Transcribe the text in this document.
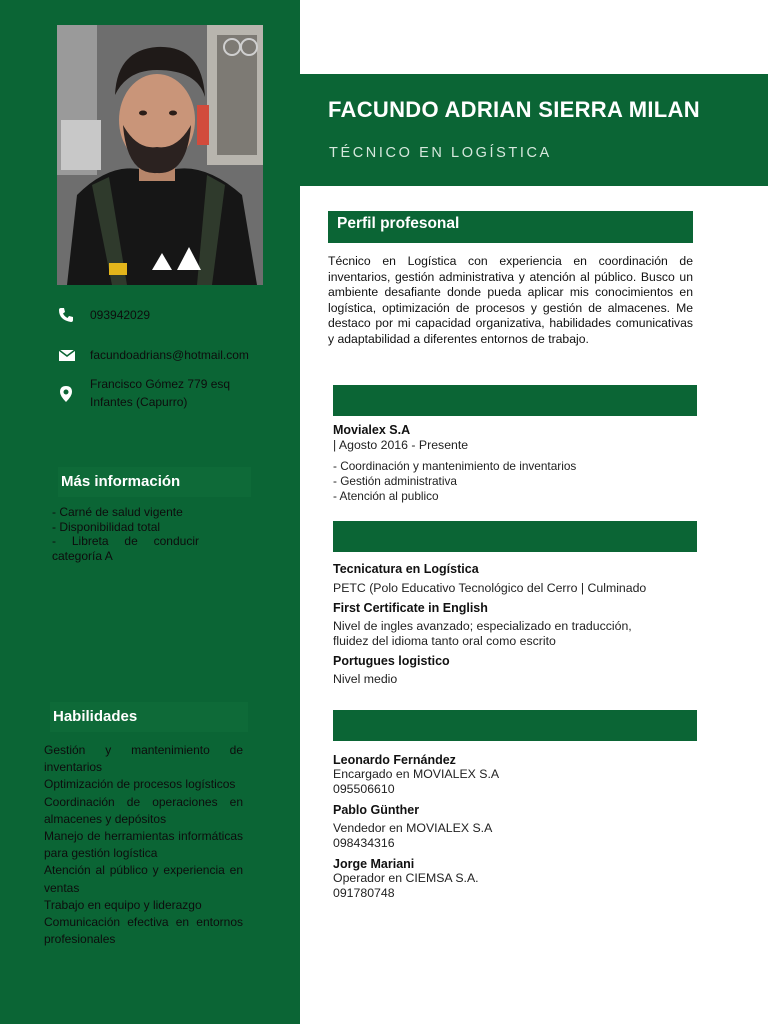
093942029
facundoadrians@hotmail.com
Francisco Gómez 779 esq
Infantes (Capurro)
Más información
- Carné de salud vigente
- Disponibilidad total
- Libreta de conducir categoría A
Habilidades
Gestión y mantenimiento de inventarios
Optimización de procesos logísticos
Coordinación de operaciones en almacenes y depósitos
Manejo de herramientas informáticas para gestión logística
Atención al público y experiencia en ventas
Trabajo en equipo y liderazgo
Comunicación efectiva en entornos profesionales
FACUNDO ADRIAN SIERRA MILAN
TÉCNICO EN LOGÍSTICA
Perfil profesonal
Técnico en Logística con experiencia en coordinación de inventarios, gestión administrativa y atención al público. Busco un ambiente desafiante donde pueda aplicar mis conocimientos en logística, optimización de procesos y gestión de almacenes. Me destaco por mi capacidad organizativa, habilidades comunicativas y adaptabilidad a diferentes entornos de trabajo.
Movialex S.A
| Agosto 2016 - Presente
- Coordinación y mantenimiento de inventarios
- Gestión administrativa
- Atención al publico
Tecnicatura en Logística
PETC (Polo Educativo Tecnológico del Cerro | Culminado
First Certificate in English
Nivel de ingles avanzado; especializado en traducción, fluidez del idioma tanto oral como escrito
Portugues logistico
Nivel medio
Leonardo Fernández
Encargado en MOVIALEX S.A
095506610
Pablo Günther
Vendedor en MOVIALEX S.A
098434316
Jorge Mariani
Operador en CIEMSA S.A.
091780748
